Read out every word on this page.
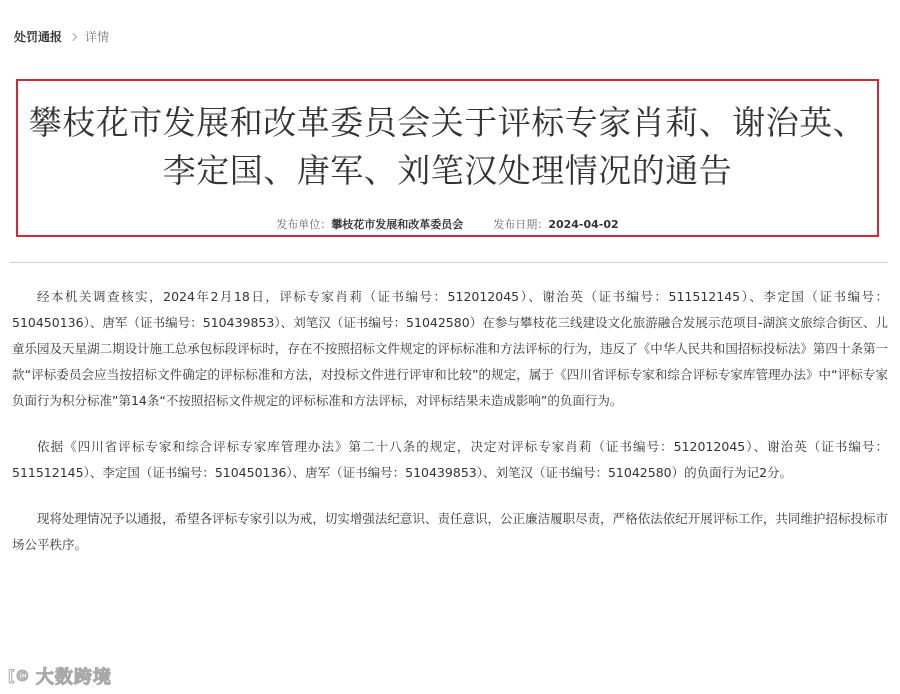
处罚通报 详情
攀枝花市发展和改革委员会关于评标专家肖莉、谢治英、李定国、唐军、刘笔汉处理情况的通告
发布单位：攀枝花市发展和改革委员会	发布日期：2024-04-02

经本机关调查核实，2024年2月18日，评标专家肖莉（证书编号：512012045）、谢治英（证书编号：511512145）、李定国（证书编号：510450136）、唐军（证书编号：510439853）、刘笔汉（证书编号：51042580）在参与攀枝花三线建设文化旅游融合发展示范项目-湖滨文旅综合街区、儿童乐园及天星湖二期设计施工总承包标段评标时，存在不按照招标文件规定的评标标准和方法评标的行为，违反了《中华人民共和国招标投标法》第四十条第一款“评标委员会应当按招标文件确定的评标标准和方法，对投标文件进行评审和比较”的规定，属于《四川省评标专家和综合评标专家库管理办法》中“评标专家负面行为积分标准”第14条“不按照招标文件规定的评标标准和方法评标，对评标结果未造成影响”的负面行为。

依据《四川省评标专家和综合评标专家库管理办法》第二十八条的规定，决定对评标专家肖莉（证书编号：512012045）、谢治英（证书编号：511512145）、李定国（证书编号：510450136）、唐军（证书编号：510439853）、刘笔汉（证书编号：51042580）的负面行为记2分。

现将处理情况予以通报，希望各评标专家引以为戒，切实增强法纪意识、责任意识，公正廉洁履职尽责，严格依法依纪开展评标工作，共同维护招标投标市场公平秩序。

[© 大数跨境
